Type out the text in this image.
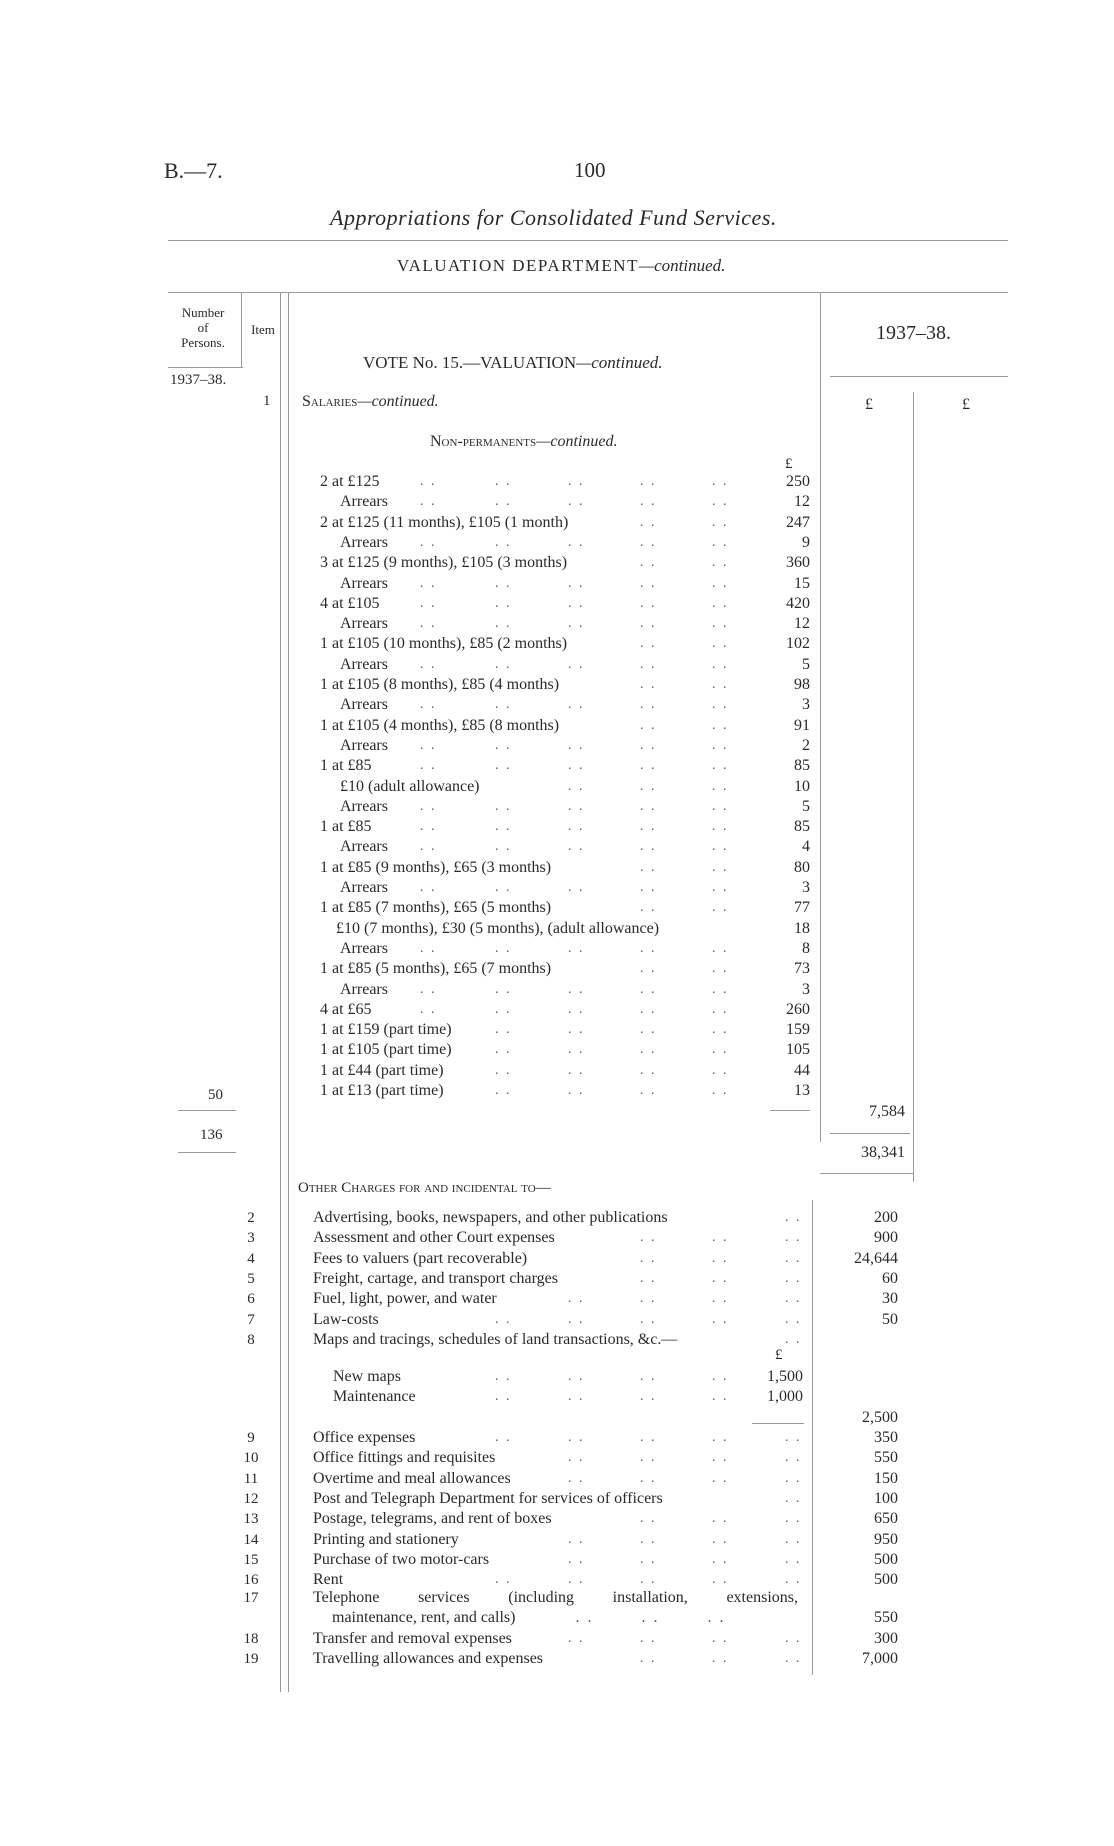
B.—7.	100
Appropriations for Consolidated Fund Services.
VALUATION DEPARTMENT—continued.
Number
of
Persons.
Item	1937–38.
1937–38.
VOTE No. 15.—VALUATION—continued.
1 Salaries—continued.	£	£
Non-permanents—continued.
£
2 at £125	. .	. .	. .	. .	. .	250
Arrears . .	. .	. .	. .	. .	12
2 at £125 (11 months), £105 (1 month)	. .	. .	247
Arrears . .	. .	. .	. .	. .	9
3 at £125 (9 months), £105 (3 months)	. .	. .	360
Arrears . .	. .	. .	. .	. .	15
4 at £105	. .	. .	. .	. .	. .	420
Arrears . .	. .	. .	. .	. .	12
1 at £105 (10 months), £85 (2 months)	. .	. .	102
Arrears . .	. .	. .	. .	. .	5
1 at £105 (8 months), £85 (4 months)	. .	. .	98
Arrears . .	. .	. .	. .	. .	3
1 at £105 (4 months), £85 (8 months)	. .	. .	91
Arrears . .	. .	. .	. .	. .	2
1 at £85	. .	. .	. .	. .	. .	85
£10 (adult allowance)	. .	. .	. .	10
Arrears . .	. .	. .	. .	. .	5
1 at £85	. .	. .	. .	. .	. .	85
Arrears . .	. .	. .	. .	. .	4
1 at £85 (9 months), £65 (3 months)	. .	. .	80
Arrears . .	. .	. .	. .	. .	3
1 at £85 (7 months), £65 (5 months)	. .	. .	77
£10 (7 months), £30 (5 months), (adult allowance)	18
Arrears . .	. .	. .	. .	. .	8
1 at £85 (5 months), £65 (7 months)	. .	. .	73
Arrears . .	. .	. .	. .	. .	3
4 at £65	. .	. .	. .	. .	. .	260
1 at £159 (part time)	. .	. .	. .	. .	159
1 at £105 (part time)	. .	. .	. .	. .	105
1 at £44 (part time)	. .	. .	. .	. .	44
1 at £13 (part time)	. .	. .	. .	. .	13
50
136
7,584
38,341
Other Charges for and incidental to—
2	Advertising, books, newspapers, and other publications	. .	200
3	Assessment and other Court expenses	. .	. .	. .	900
4	Fees to valuers (part recoverable)	. .	. .	. .	24,644
5	Freight, cartage, and transport charges	. .	. .	. .	60
6	Fuel, light, power, and water	. .	. .	. .	. .	30
7	Law-costs	. .	. .	. .	. .	. .	50
8	Maps and tracings, schedules of land transactions, &c.—	. .
£
New maps	. .	. .	. .	. .	1,500
Maintenance	. .	. .	. .	. .	1,000
2,500
9	Office expenses	. .	. .	. .	. .	. .	350
10	Office fittings and requisites	. .	. .	. .	. .	550
11	Overtime and meal allowances	. .	. .	. .	. .	150
12	Post and Telegraph Department for services of officers	. .	100
13	Postage, telegrams, and rent of boxes	. .	. .	. .	650
14	Printing and stationery	. .	. .	. .	. .	950
15	Purchase of two motor-cars	. .	. .	. .	. .	500
16	Rent	. .	. .	. .	. .	. .	500
17	Telephone services (including installation, extensions,
maintenance, rent, and calls)	. .        . .        . .	550
18	Transfer and removal expenses	. .	. .	. .	. .	300
19	Travelling allowances and expenses	. .	. .	. .	7,000
